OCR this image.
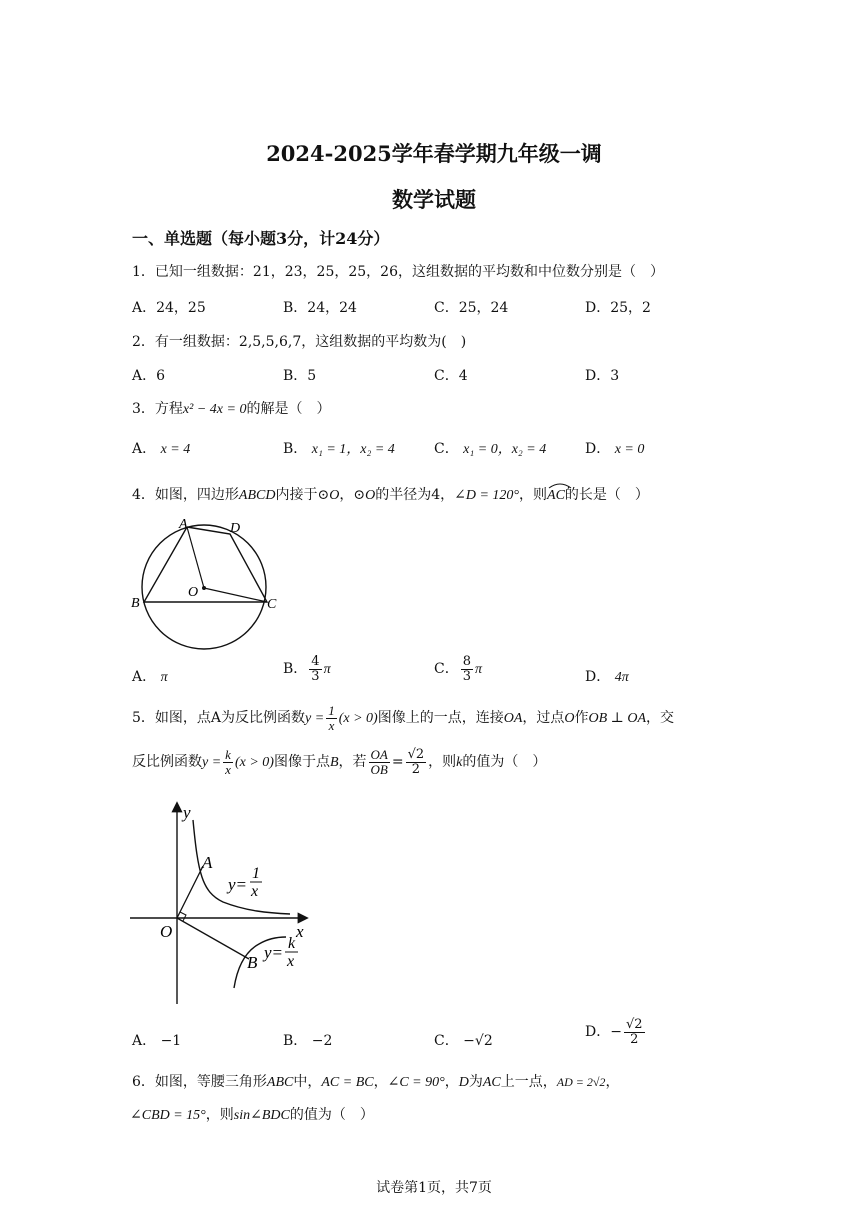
2024-2025学年春学期九年级一调
数学试题
一、单选题（每小题3分，计24分）
1．已知一组数据：21，23，25，25，26，这组数据的平均数和中位数分别是（　）
A．24，25	B．24，24	C．25，24	D．25，2
2．有一组数据：2,5,5,6,7，这组数据的平均数为(　)
A．6	B．5	C．4	D．3
3．方程x² − 4x = 0的解是（　）
A． x = 4	B． x₁ = 1，x₂ = 4	C． x₁ = 0，x₂ = 4	D． x = 0
4．如图，四边形ABCD内接于⊙O，⊙O的半径为4，∠D = 120°，则
AC的长是（　）
A	D
O
B	C
A． π
B． $\frac{4}{3}$ π	C． $\frac{8}{3}$ π	D． 4π
5．如图，点A为反比例函数$y = \frac{1}{x} (x > 0)$图像上的一点，连接OA，过点O作OB ⊥ OA，交
反比例函数$y = \frac{k}{x} (x > 0)$图像于点B，若 $\frac{OA}{OB} = \frac{√2}{2}$ ，则k的值为（　）
y
x
O
A
B
y=
1
x
y= k
x
A． −1	B． −2	C． −√2
D．− $\frac{√2}{2}$
6．如图，等腰三角形ABC中，AC = BC，∠C = 90°，D为AC上一点，AD = 2√2，
∠CBD = 15°，则sin∠BDC的值为（　）
试卷第1页，共7页
